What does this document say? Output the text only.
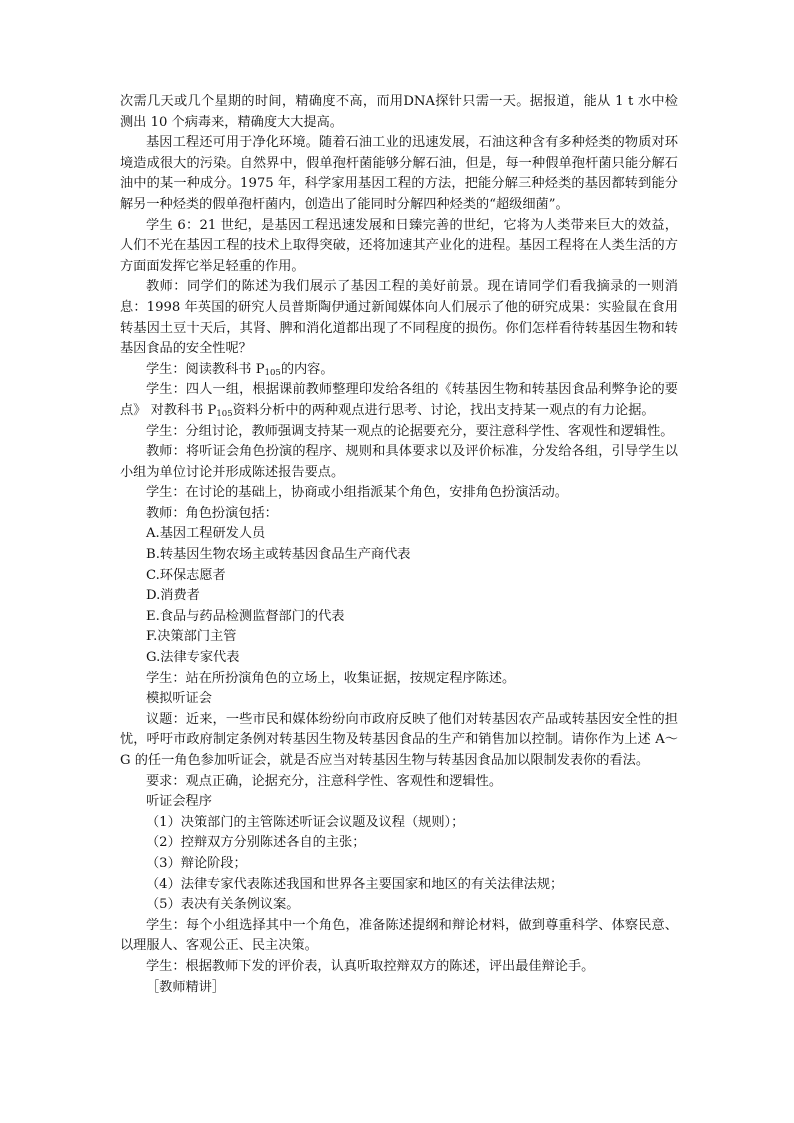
次需几天或几个星期的时间，精确度不高，而用DNA探针只需一天。据报道，能从 1 t 水中检测出 10 个病毒来，精确度大大提高。

基因工程还可用于净化环境。随着石油工业的迅速发展，石油这种含有多种烃类的物质对环境造成很大的污染。自然界中，假单孢杆菌能够分解石油，但是，每一种假单孢杆菌只能分解石油中的某一种成分。1975 年，科学家用基因工程的方法，把能分解三种烃类的基因都转到能分解另一种烃类的假单孢杆菌内，创造出了能同时分解四种烃类的“超级细菌”。

学生 6：21 世纪，是基因工程迅速发展和日臻完善的世纪，它将为人类带来巨大的效益，人们不光在基因工程的技术上取得突破，还将加速其产业化的进程。基因工程将在人类生活的方方面面发挥它举足轻重的作用。

教师：同学们的陈述为我们展示了基因工程的美好前景。现在请同学们看我摘录的一则消息：1998 年英国的研究人员普斯陶伊通过新闻媒体向人们展示了他的研究成果：实验鼠在食用转基因土豆十天后，其肾、脾和消化道都出现了不同程度的损伤。你们怎样看待转基因生物和转基因食品的安全性呢？

学生：阅读教科书 $P_{105}$的内容。

学生：四人一组，根据课前教师整理印发给各组的《转基因生物和转基因食品利弊争论的要点》 对教科书 $P_{105}$资料分析中的两种观点进行思考、讨论，找出支持某一观点的有力论据。

学生：分组讨论，教师强调支持某一观点的论据要充分，要注意科学性、客观性和逻辑性。

教师：将听证会角色扮演的程序、规则和具体要求以及评价标准，分发给各组，引导学生以小组为单位讨论并形成陈述报告要点。

学生：在讨论的基础上，协商或小组指派某个角色，安排角色扮演活动。

教师：角色扮演包括：

A.基因工程研发人员

B.转基因生物农场主或转基因食品生产商代表

C.环保志愿者

D.消费者

E.食品与药品检测监督部门的代表

F.决策部门主管

G.法律专家代表

学生：站在所扮演角色的立场上，收集证据，按规定程序陈述。

模拟听证会

议题：近来，一些市民和媒体纷纷向市政府反映了他们对转基因农产品或转基因安全性的担忧，呼吁市政府制定条例对转基因生物及转基因食品的生产和销售加以控制。请你作为上述 A～G 的任一角色参加听证会，就是否应当对转基因生物与转基因食品加以限制发表你的看法。

要求：观点正确，论据充分，注意科学性、客观性和逻辑性。

听证会程序

（1）决策部门的主管陈述听证会议题及议程（规则）；

（2）控辩双方分别陈述各自的主张；

（3）辩论阶段；

（4）法律专家代表陈述我国和世界各主要国家和地区的有关法律法规；

（5）表决有关条例议案。

学生：每个小组选择其中一个角色，准备陈述提纲和辩论材料，做到尊重科学、体察民意、以理服人、客观公正、民主决策。

学生：根据教师下发的评价表，认真听取控辩双方的陈述，评出最佳辩论手。

［教师精讲］
